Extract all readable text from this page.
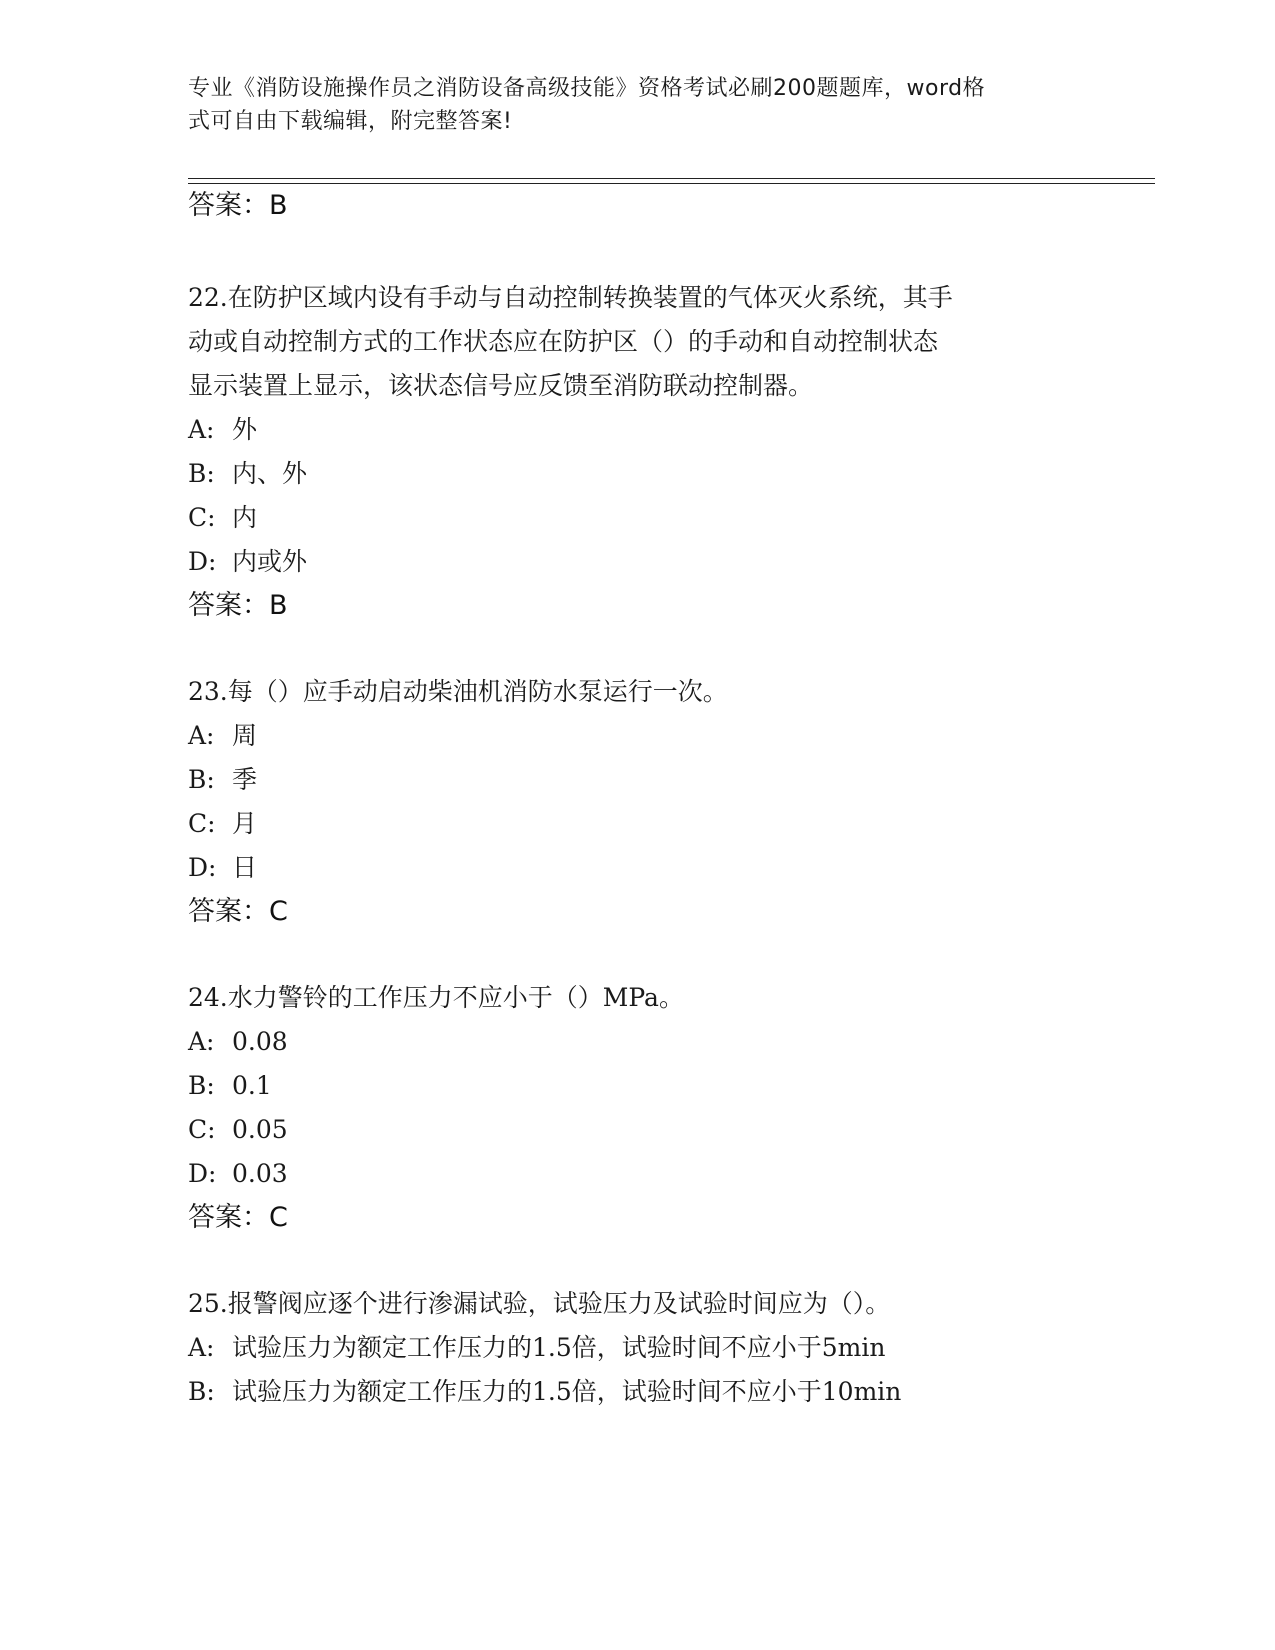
专业《消防设施操作员之消防设备高级技能》资格考试必刷200题题库，word格
式可自由下载编辑，附完整答案!
答案：B
22.在防护区域内设有手动与自动控制转换装置的气体灭火系统，其手
动或自动控制方式的工作状态应在防护区（）的手动和自动控制状态
显示装置上显示，该状态信号应反馈至消防联动控制器。
A: 外
B: 内、外
C: 内
D: 内或外
答案：B
23.每（）应手动启动柴油机消防水泵运行一次。
A: 周
B: 季
C: 月
D: 日
答案：C
24.水力警铃的工作压力不应小于（）MPa。
A: 0.08
B: 0.1
C: 0.05
D: 0.03
答案：C
25.报警阀应逐个进行渗漏试验，试验压力及试验时间应为（）。
A: 试验压力为额定工作压力的1.5倍，试验时间不应小于5min
B: 试验压力为额定工作压力的1.5倍，试验时间不应小于10min
